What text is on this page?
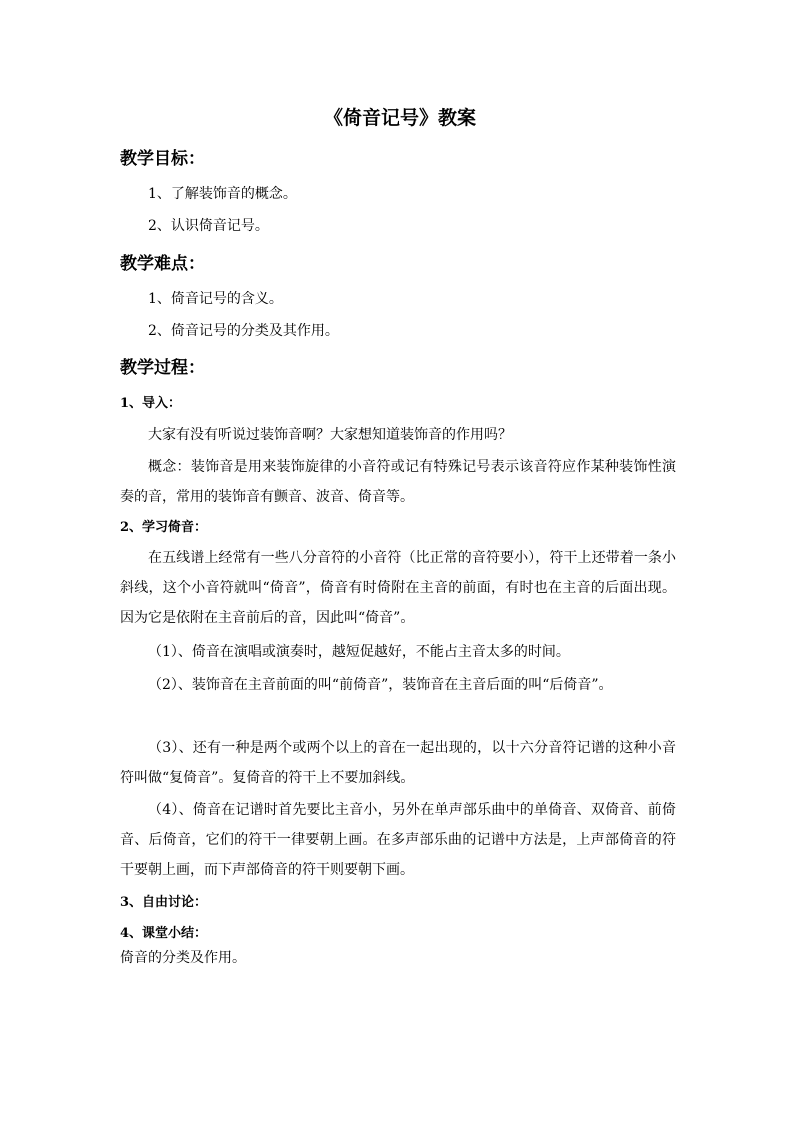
《倚音记号》教案
教学目标：
1、了解装饰音的概念。
2、认识倚音记号。
教学难点：
1、倚音记号的含义。
2、倚音记号的分类及其作用。
教学过程：
1、导入：
大家有没有听说过装饰音啊？大家想知道装饰音的作用吗？
概念：装饰音是用来装饰旋律的小音符或记有特殊记号表示该音符应作某种装饰性演奏的音，常用的装饰音有颤音、波音、倚音等。
2、学习倚音：
在五线谱上经常有一些八分音符的小音符（比正常的音符要小），符干上还带着一条小斜线，这个小音符就叫“倚音”，倚音有时倚附在主音的前面，有时也在主音的后面出现。因为它是依附在主音前后的音，因此叫“倚音”。
（1）、倚音在演唱或演奏时，越短促越好，不能占主音太多的时间。
（2）、装饰音在主音前面的叫“前倚音”，装饰音在主音后面的叫“后倚音”。
（3）、还有一种是两个或两个以上的音在一起出现的，以十六分音符记谱的这种小音符叫做“复倚音”。复倚音的符干上不要加斜线。
（4）、倚音在记谱时首先要比主音小，另外在单声部乐曲中的单倚音、双倚音、前倚音、后倚音，它们的符干一律要朝上画。在多声部乐曲的记谱中方法是，上声部倚音的符干要朝上画，而下声部倚音的符干则要朝下画。
3、自由讨论：
4、课堂小结：
倚音的分类及作用。
